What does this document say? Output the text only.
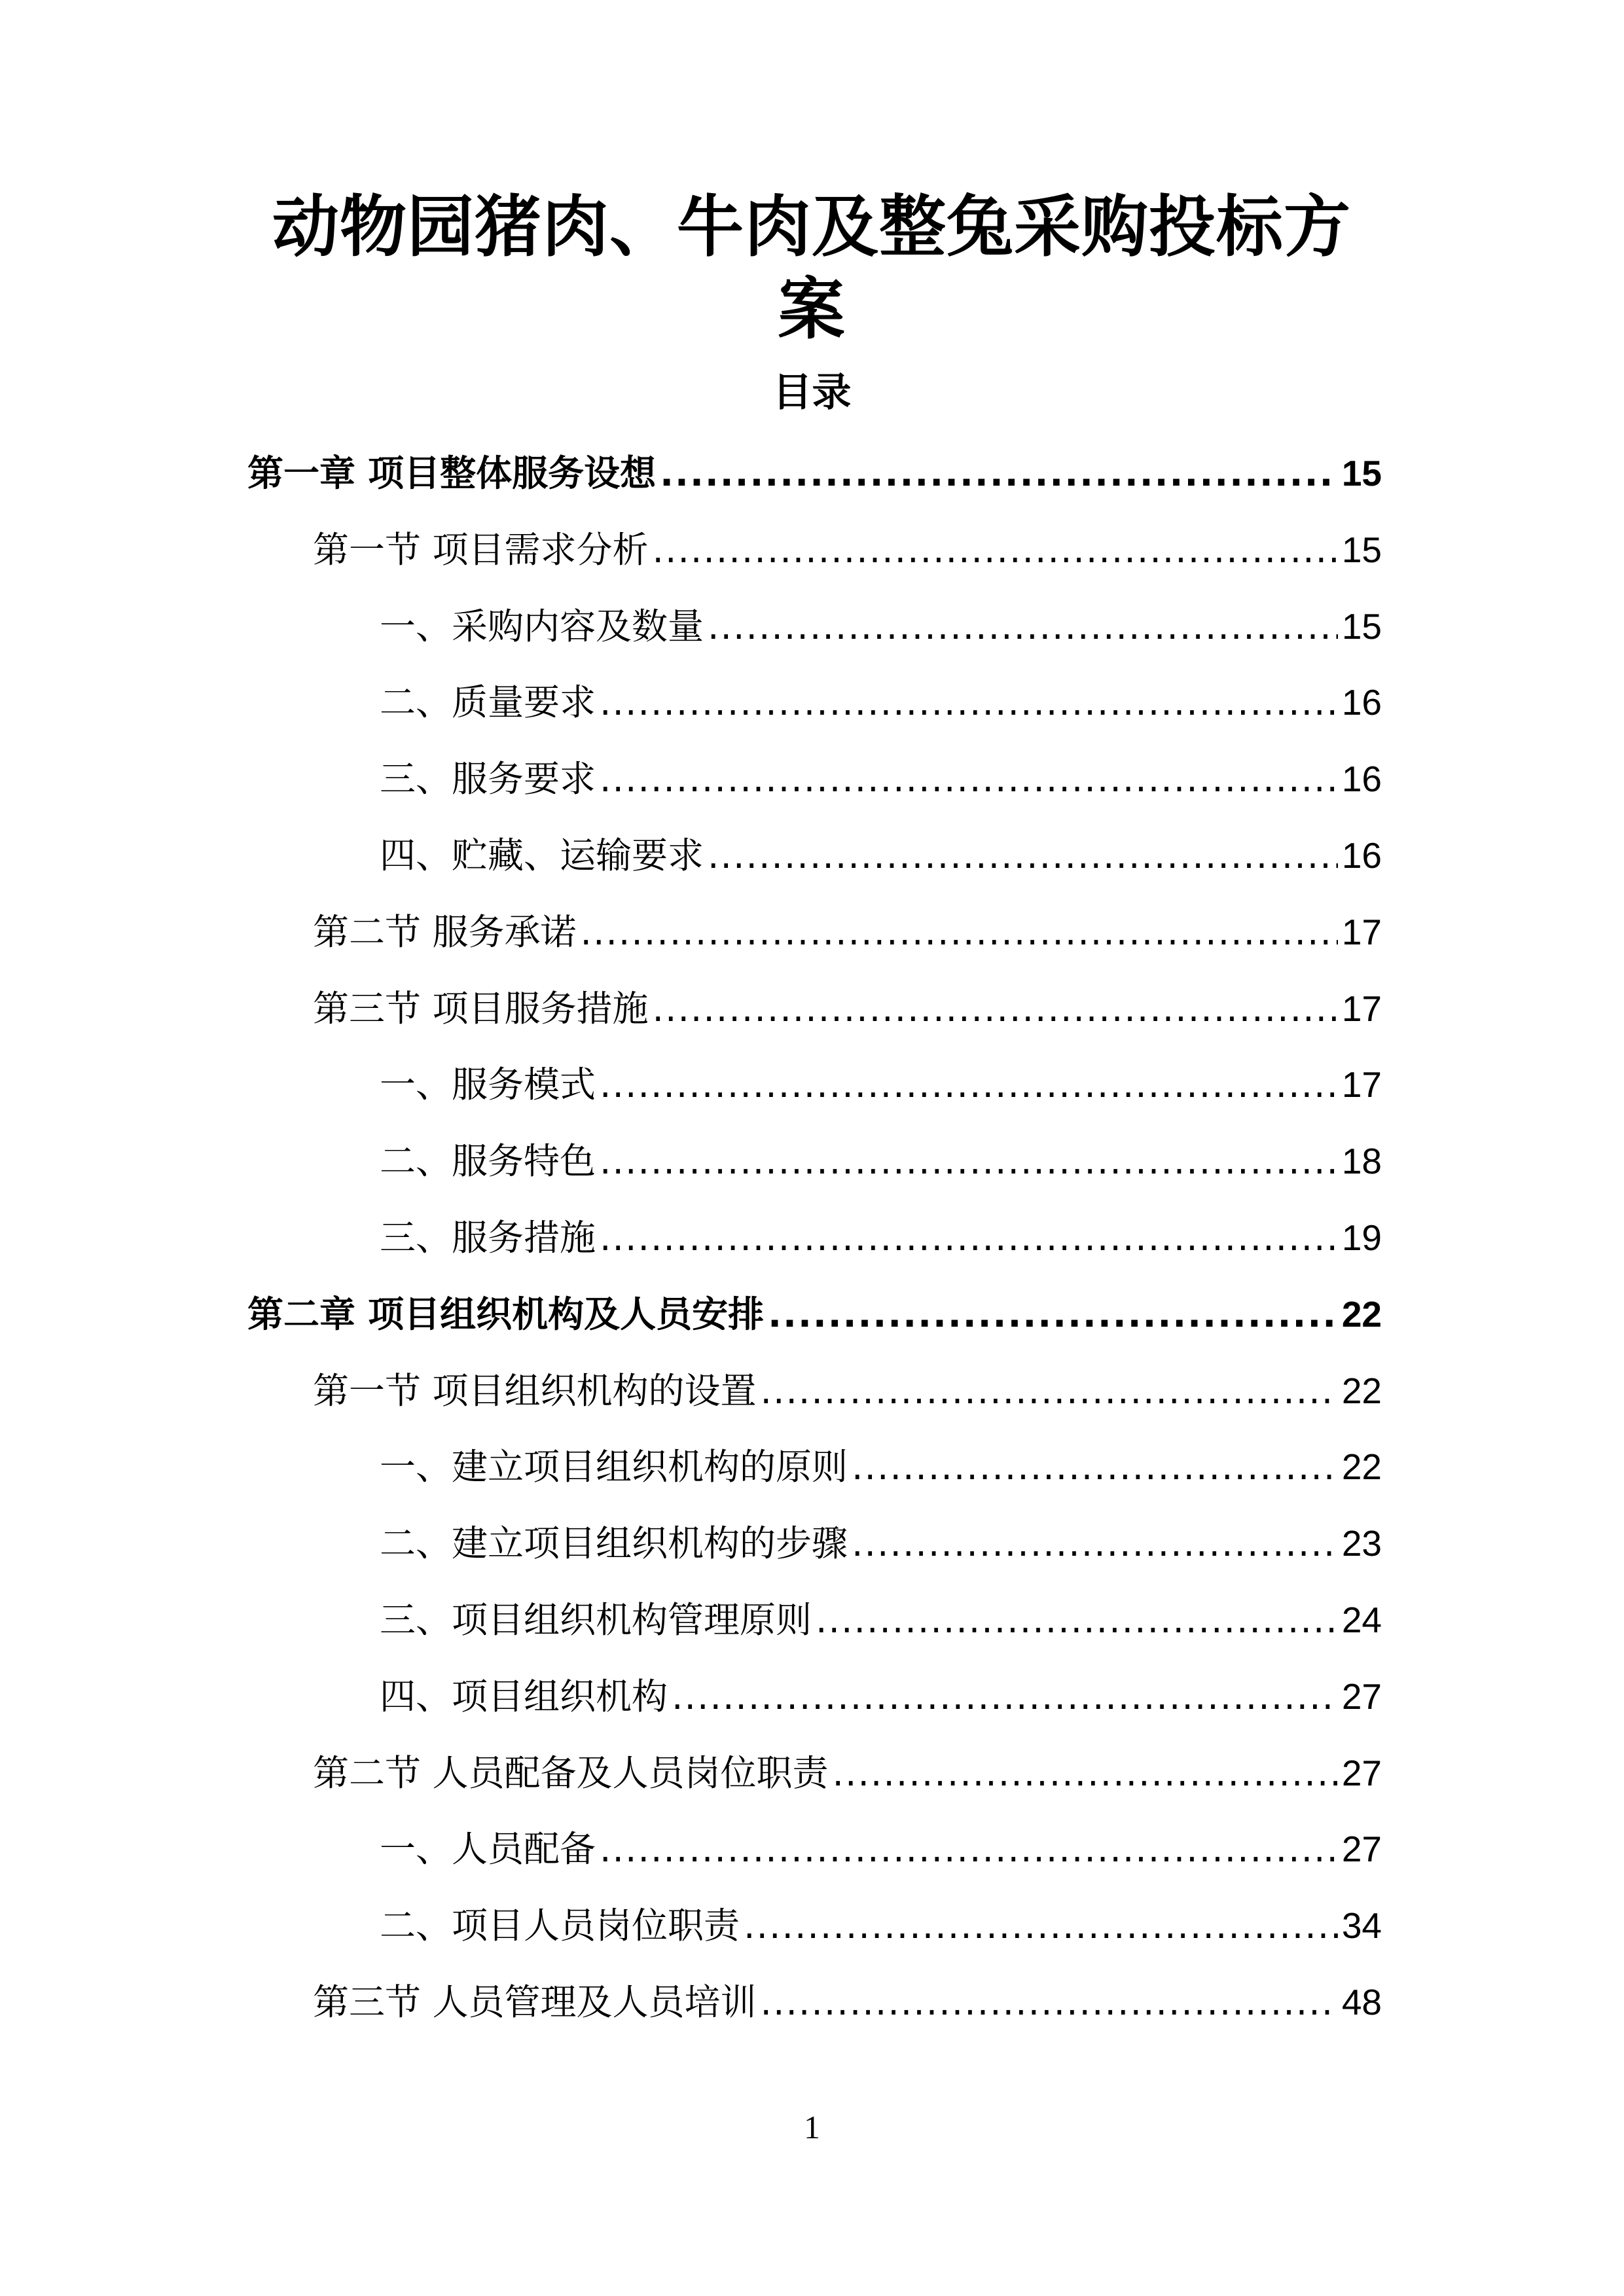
动物园猪肉、牛肉及整兔采购投标方
案
目录
第一章 项目整体服务设想 .....	15
第一节 项目需求分析 .....	15
一、采购内容及数量 .....	15
二、质量要求 .....	16
三、服务要求 .....	16
四、贮藏、运输要求 .....	16
第二节 服务承诺 .....	17
第三节 项目服务措施 .....	17
一、服务模式 .....	17
二、服务特色 .....	18
三、服务措施 .....	19
第二章 项目组织机构及人员安排 .....	22
第一节 项目组织机构的设置 .....	22
一、建立项目组织机构的原则 .....	22
二、建立项目组织机构的步骤 .....	23
三、项目组织机构管理原则 .....	24
四、项目组织机构 .....	27
第二节 人员配备及人员岗位职责 .....	27
一、人员配备 .....	27
二、项目人员岗位职责 .....	34
第三节 人员管理及人员培训 .....	48
1
